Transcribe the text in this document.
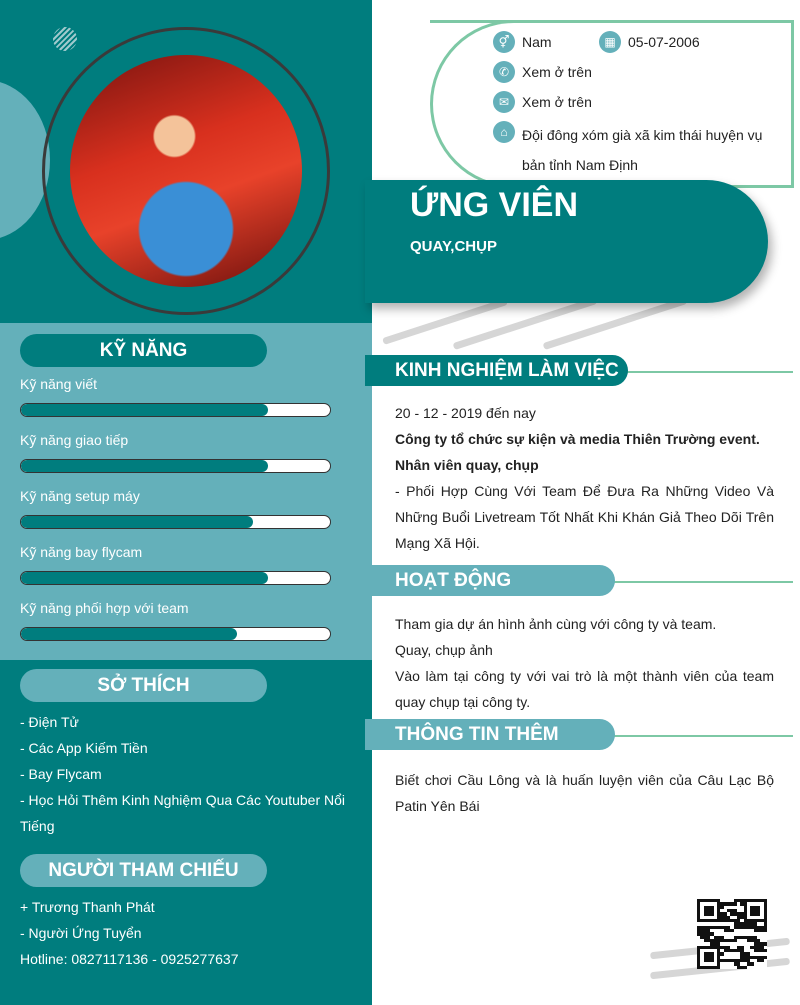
KỸ NĂNG
Kỹ năng viết
Kỹ năng giao tiếp
Kỹ năng setup máy
Kỹ năng bay flycam
Kỹ năng phối hợp với team
SỞ THÍCH
- Điện Tử
- Các App Kiếm Tiền
- Bay Flycam
- Học Hỏi Thêm Kinh Nghiệm Qua Các Youtuber Nổi Tiếng
NGƯỜI THAM CHIẾU
+ Trương Thanh Phát
- Người Ứng Tuyển
Hotline: 0827117136 - 0925277637
⚥ Nam	▦ 05-07-2006
✆ Xem ở trên
✉ Xem ở trên
⌂	Đội đông xóm già xã kim thái huyện vụ bản tỉnh Nam Định
ỨNG VIÊN
QUAY,CHỤP
KINH NGHIỆM LÀM VIỆC
20 - 12 - 2019 đến nay
Công ty tổ chức sự kiện và media Thiên Trường event.
Nhân viên quay, chụp
- Phối Hợp Cùng Với Team Để Đưa Ra Những Video Và Những Buổi Livetream Tốt Nhất Khi Khán Giả Theo Dõi Trên Mạng Xã Hội.
HOẠT ĐỘNG
Tham gia dự án hình ảnh cùng với công ty và team.
Quay, chụp ảnh
Vào làm tại công ty với vai trò là một thành viên của team quay chụp tại công ty.
THÔNG TIN THÊM
Biết chơi Cầu Lông và là huấn luyện viên của Câu Lạc Bộ Patin Yên Bái
